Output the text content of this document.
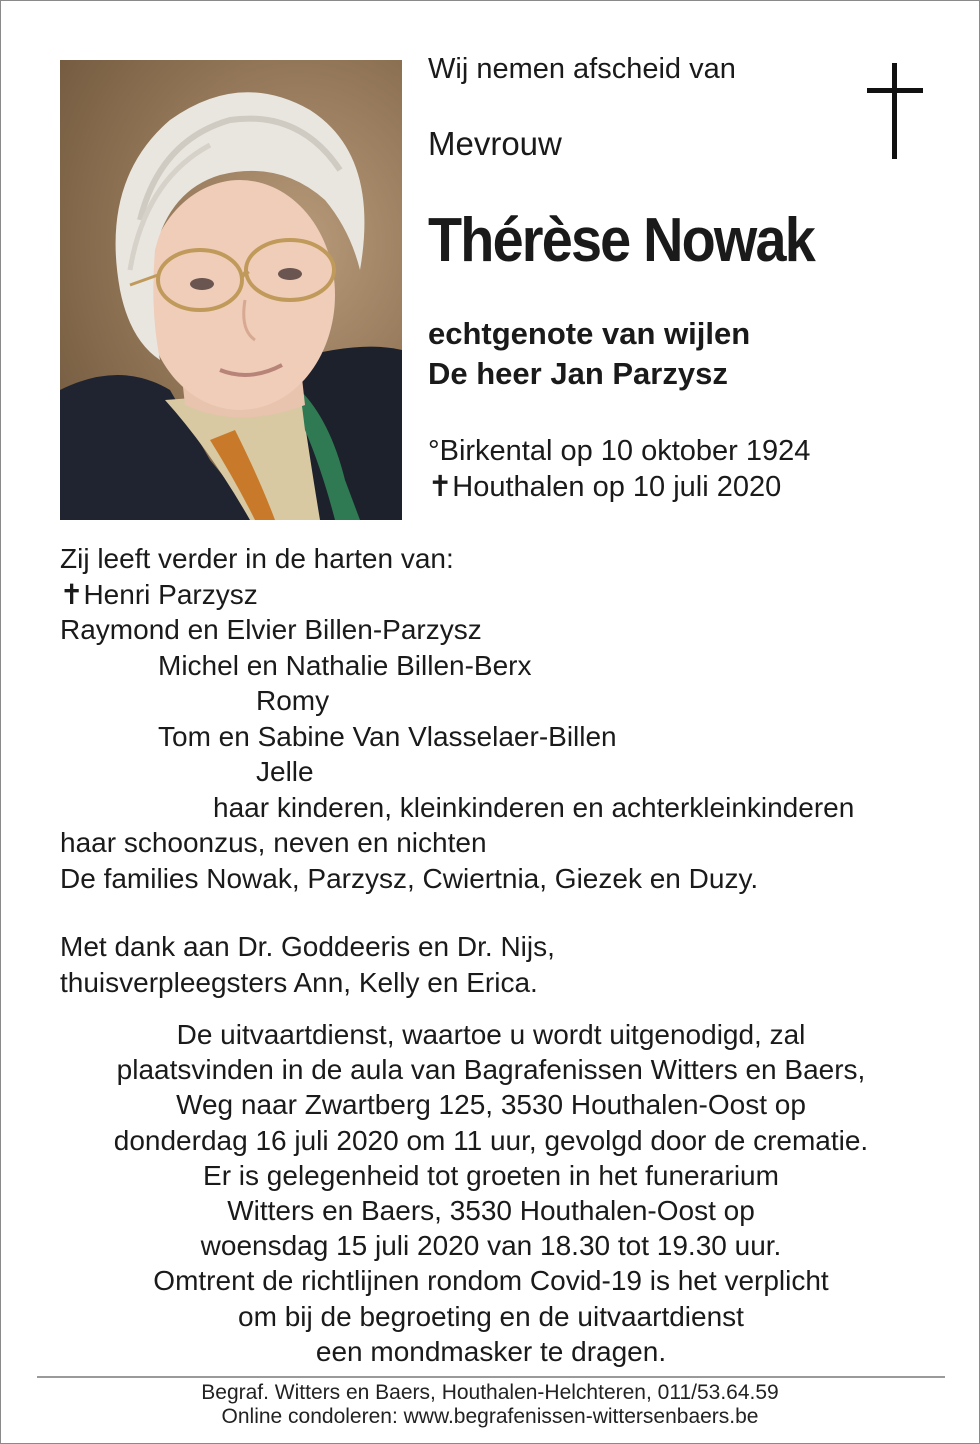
Wij nemen afscheid van
Mevrouw
Thérèse Nowak
echtgenote van wijlen
De heer Jan Parzysz
°Birkental op 10 oktober 1924
✝Houthalen op 10 juli 2020
Zij leeft verder in de harten van:
✝Henri Parzysz
Raymond en Elvier Billen-Parzysz
Michel en Nathalie Billen-Berx
Romy
Tom en Sabine Van Vlasselaer-Billen
Jelle
haar kinderen, kleinkinderen en achterkleinkinderen
haar schoonzus, neven en nichten
De families Nowak, Parzysz, Cwiertnia, Giezek en Duzy.
Met dank aan Dr. Goddeeris en Dr. Nijs,
thuisverpleegsters Ann, Kelly en Erica.
De uitvaartdienst, waartoe u wordt uitgenodigd, zal
plaatsvinden in de aula van Bagrafenissen Witters en Baers,
Weg naar Zwartberg 125, 3530 Houthalen-Oost op
donderdag 16 juli 2020 om 11 uur, gevolgd door de crematie.
Er is gelegenheid tot groeten in het funerarium
Witters en Baers, 3530 Houthalen-Oost op
woensdag 15 juli 2020 van 18.30 tot 19.30 uur.
Omtrent de richtlijnen rondom Covid-19 is het verplicht
om bij de begroeting en de uitvaartdienst
een mondmasker te dragen.
Begraf. Witters en Baers, Houthalen-Helchteren, 011/53.64.59
Online condoleren: www.begrafenissen-wittersenbaers.be
